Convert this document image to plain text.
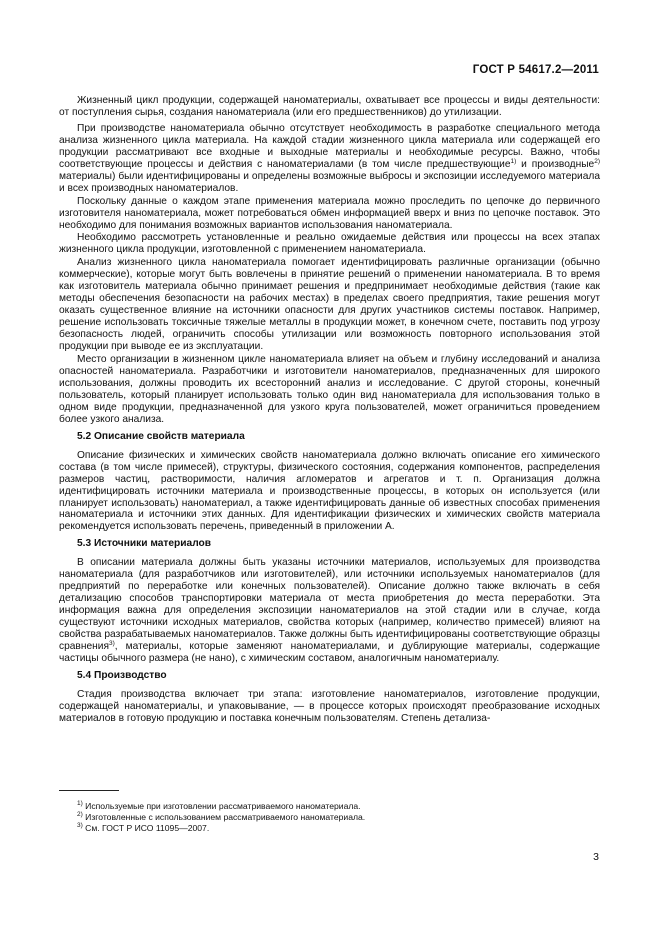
ГОСТ Р 54617.2—2011

Жизненный цикл продукции, содержащей наноматериалы, охватывает все процессы и виды деятельности: от поступления сырья, создания наноматериала (или его предшественников) до утилизации.

При производстве наноматериала обычно отсутствует необходимость в разработке специального метода анализа жизненного цикла материала. На каждой стадии жизненного цикла материала или содержащей его продукции рассматривают все входные и выходные материалы и необходимые ресурсы. Важно, чтобы соответствующие процессы и действия с наноматериалами (в том числе предшествующие$^{1)}$ и производные$^{2)}$ материалы) были идентифицированы и определены возможные выбросы и экспозиции исследуемого материала и всех производных наноматериалов.

Поскольку данные о каждом этапе применения материала можно проследить по цепочке до первичного изготовителя наноматериала, может потребоваться обмен информацией вверх и вниз по цепочке поставок. Это необходимо для понимания возможных вариантов использования наноматериала.

Необходимо рассмотреть установленные и реально ожидаемые действия или процессы на всех этапах жизненного цикла продукции, изготовленной с применением наноматериала.

Анализ жизненного цикла наноматериала помогает идентифицировать различные организации (обычно коммерческие), которые могут быть вовлечены в принятие решений о применении наноматериала. В то время как изготовитель материала обычно принимает решения и предпринимает необходимые действия (такие как методы обеспечения безопасности на рабочих местах) в пределах своего предприятия, такие решения могут оказать существенное влияние на источники опасности для других участников системы поставок. Например, решение использовать токсичные тяжелые металлы в продукции может, в конечном счете, поставить под угрозу безопасность людей, ограничить способы утилизации или возможность повторного использования этой продукции при выводе ее из эксплуатации.

Место организации в жизненном цикле наноматериала влияет на объем и глубину исследований и анализа опасностей наноматериала. Разработчики и изготовители наноматериалов, предназначенных для широкого использования, должны проводить их всесторонний анализ и исследование. С другой стороны, конечный пользователь, который планирует использовать только один вид наноматериала для использования только в одном виде продукции, предназначенной для узкого круга пользователей, может ограничиться проведением более узкого анализа.

5.2 Описание свойств материала

Описание физических и химических свойств наноматериала должно включать описание его химического состава (в том числе примесей), структуры, физического состояния, содержания компонентов, распределения размеров частиц, растворимости, наличия агломератов и агрегатов и т. п. Организация должна идентифицировать источники материала и производственные процессы, в которых он используется (или планирует использовать) наноматериал, а также идентифицировать данные об известных способах применения наноматериала и источники этих данных. Для идентификации физических и химических свойств материала рекомендуется использовать перечень, приведенный в приложении А.

5.3 Источники материалов

В описании материала должны быть указаны источники материалов, используемых для производства наноматериала (для разработчиков или изготовителей), или источники используемых наноматериалов (для предприятий по переработке или конечных пользователей). Описание должно также включать в себя детализацию способов транспортировки материала от места приобретения до места переработки. Эта информация важна для определения экспозиции наноматериалов на этой стадии или в случае, когда существуют источники исходных материалов, свойства которых (например, количество примесей) влияют на свойства разрабатываемых наноматериалов. Также должны быть идентифицированы соответствующие образцы сравнения$^{3)}$, материалы, которые заменяют наноматериалами, и дублирующие материалы, содержащие частицы обычного размера (не нано), с химическим составом, аналогичным наноматериалу.

5.4 Производство

Стадия производства включает три этапа: изготовление наноматериалов, изготовление продукции, содержащей наноматериалы, и упаковывание, — в процессе которых происходят преобразование исходных материалов в готовую продукцию и поставка конечным пользователям. Степень детализа-

$^{1)}$ Используемые при изготовлении рассматриваемого наноматериала.
$^{2)}$ Изготовленные с использованием рассматриваемого наноматериала.
$^{3)}$ См. ГОСТ Р ИСО 11095—2007.
3
